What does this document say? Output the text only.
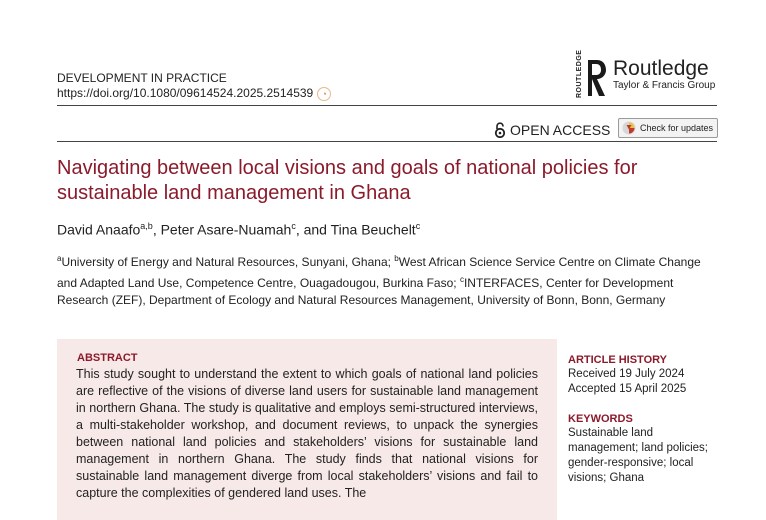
DEVELOPMENT IN PRACTICE
https://doi.org/10.1080/09614524.2025.2514539 ◔	ROUTLEDGE Routledge
Taylor & Francis Group
OPEN ACCESS	Check for updates
Navigating between local visions and goals of national policies for sustainable land management in Ghana
David Anaafo$^{a,b}$, Peter Asare-Nuamah$^c$, and Tina Beuchelt$^c$
$^a$University of Energy and Natural Resources, Sunyani, Ghana; $^b$West African Science Service Centre on Climate Change and Adapted Land Use, Competence Centre, Ouagadougou, Burkina Faso; $^c$INTERFACES, Center for Development Research (ZEF), Department of Ecology and Natural Resources Management, University of Bonn, Bonn, Germany
ABSTRACT
This study sought to understand the extent to which goals of national land policies are reflective of the visions of diverse land users for sustainable land management in northern Ghana. The study is qualitative and employs semi-structured interviews, a multi-stakeholder workshop, and document reviews, to unpack the synergies between national land policies and stakeholders’ visions for sustainable land management in northern Ghana. The study finds that national visions for sustainable land management diverge from local stakeholders’ visions and fail to capture the complexities of gendered land uses. The
ARTICLE HISTORY
Received 19 July 2024
Accepted 15 April 2025
KEYWORDS
Sustainable land
management; land policies;
gender-responsive; local
visions; Ghana
